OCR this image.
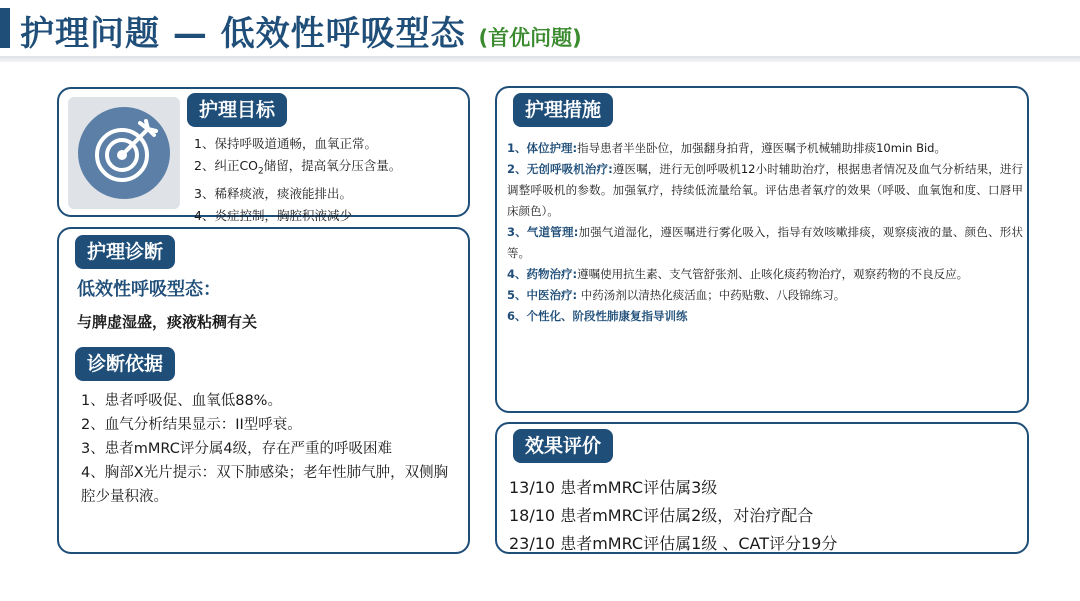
护理问题 — 低效性呼吸型态 (首优问题)
护理目标
1、保持呼吸道通畅，血氧正常。
2、纠正$CO_2$储留，提高氧分压含量。
3、稀释痰液，痰液能排出。
4、炎症控制，胸腔积液减少
护理诊断
低效性呼吸型态：
与脾虚湿盛，痰液粘稠有关
诊断依据
1、患者呼吸促、血氧低88%。
2、血气分析结果显示：II型呼衰。
3、患者mMRC评分属4级，存在严重的呼吸困难
4、胸部X光片提示：双下肺感染；老年性肺气肿，双侧胸腔少量积液。
护理措施
1、体位护理:指导患者半坐卧位，加强翻身拍背，遵医嘱予机械辅助排痰10min Bid。
2、无创呼吸机治疗:遵医嘱，进行无创呼吸机12小时辅助治疗，根据患者情况及血气分析结果，进行调整呼吸机的参数。加强氧疗，持续低流量给氧。评估患者氧疗的效果（呼吸、血氧饱和度、口唇甲床颜色）。
3、气道管理:加强气道湿化，遵医嘱进行雾化吸入，指导有效咳嗽排痰，观察痰液的量、颜色、形状等。
4、药物治疗:遵嘱使用抗生素、支气管舒张剂、止咳化痰药物治疗，观察药物的不良反应。
5、中医治疗: 中药汤剂以清热化痰活血；中药贴敷、八段锦练习。
6、个性化、阶段性肺康复指导训练
效果评价
13/10 患者mMRC评估属3级
18/10 患者mMRC评估属2级，对治疗配合
23/10 患者mMRC评估属1级 、CAT评分19分
